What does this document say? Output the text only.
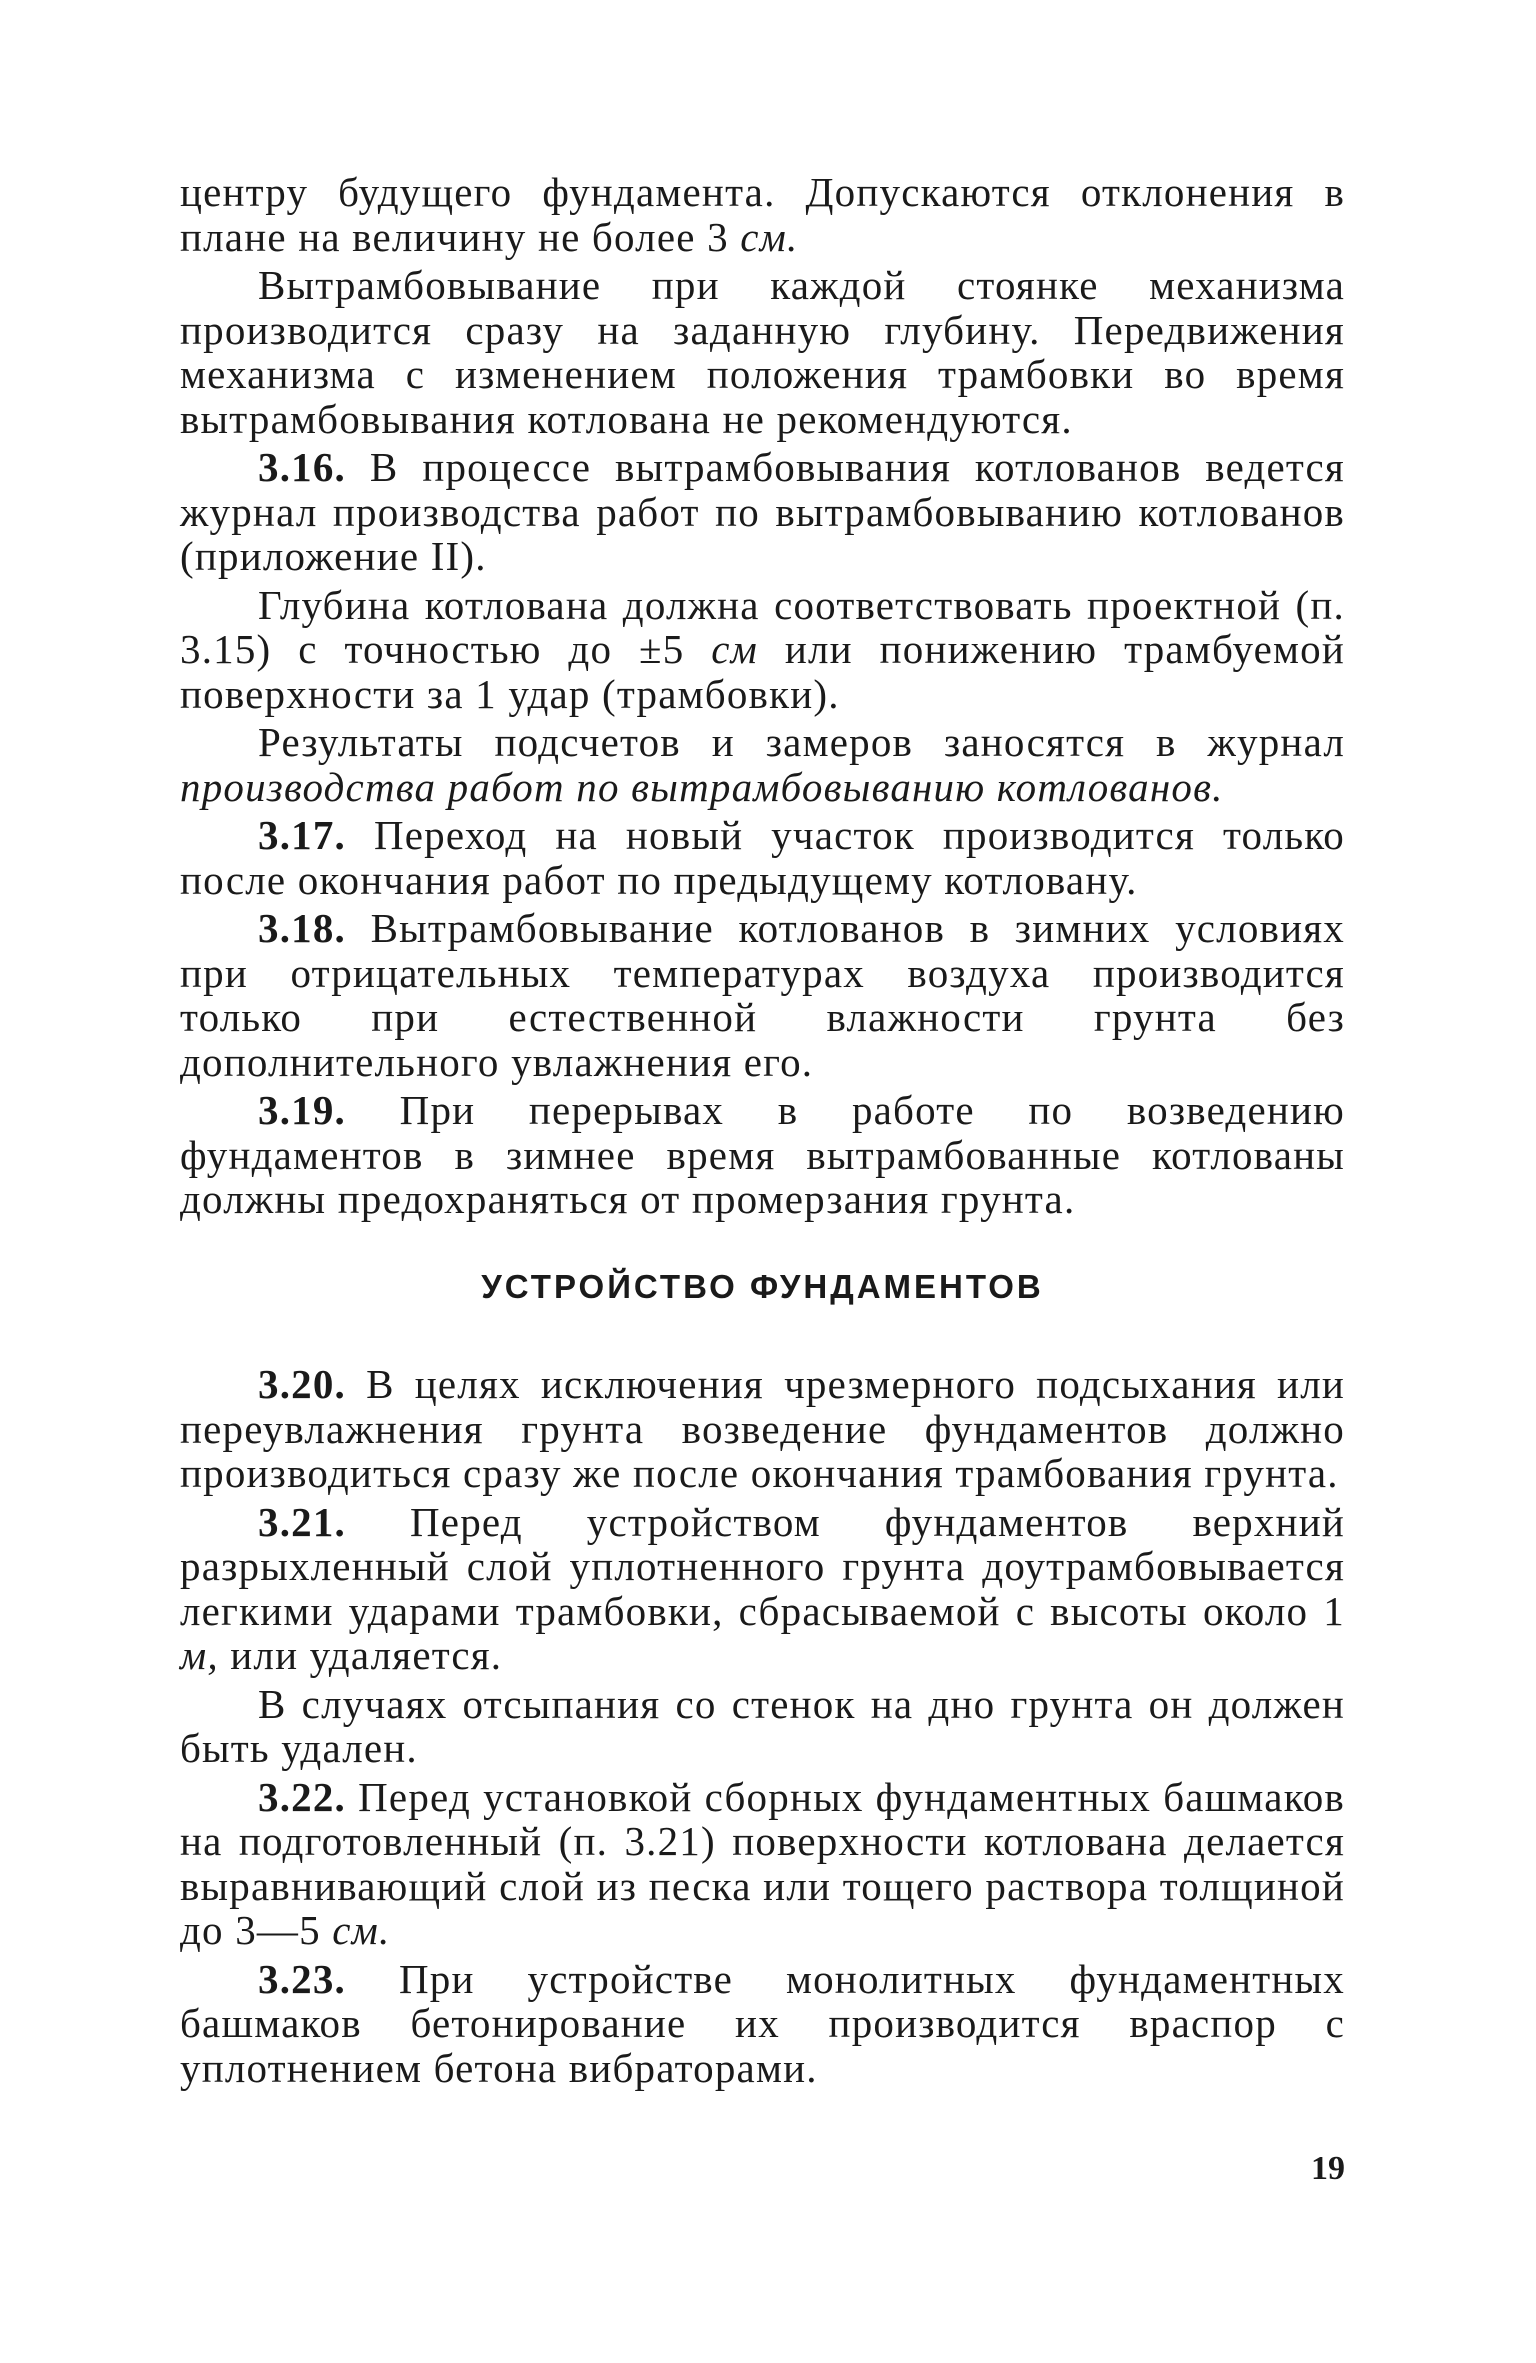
центру будущего фундамента. Допускаются отклонения в плане на величину не более 3 см.

Вытрамбовывание при каждой стоянке механизма производится сразу на заданную глубину. Передвижения механизма с изменением положения трамбовки во время вытрамбовывания котлована не рекомендуются.

3.16. В процессе вытрамбовывания котлованов ведется журнал производства работ по вытрамбовыванию котлованов (приложение II).

Глубина котлована должна соответствовать проектной (п. 3.15) с точностью до ±5 см или понижению трамбуемой поверхности за 1 удар (трамбовки).

Результаты подсчетов и замеров заносятся в журнал производства работ по вытрамбовыванию котлованов.

3.17. Переход на новый участок производится только после окончания работ по предыдущему котловану.

3.18. Вытрамбовывание котлованов в зимних условиях при отрицательных температурах воздуха производится только при естественной влажности грунта без дополнительного увлажнения его.

3.19. При перерывах в работе по возведению фундаментов в зимнее время вытрамбованные котлованы должны предохраняться от промерзания грунта.

УСТРОЙСТВО ФУНДАМЕНТОВ

3.20. В целях исключения чрезмерного подсыхания или переувлажнения грунта возведение фундаментов должно производиться сразу же после окончания трамбования грунта.

3.21. Перед устройством фундаментов верхний разрыхленный слой уплотненного грунта доутрамбовывается легкими ударами трамбовки, сбрасываемой с высоты около 1 м, или удаляется.

В случаях отсыпания со стенок на дно грунта он должен быть удален.

3.22. Перед установкой сборных фундаментных башмаков на подготовленный (п. 3.21) поверхности котлована делается выравнивающий слой из песка или тощего раствора толщиной до 3—5 см.

3.23. При устройстве монолитных фундаментных башмаков бетонирование их производится враспор с уплотнением бетона вибраторами.

19
